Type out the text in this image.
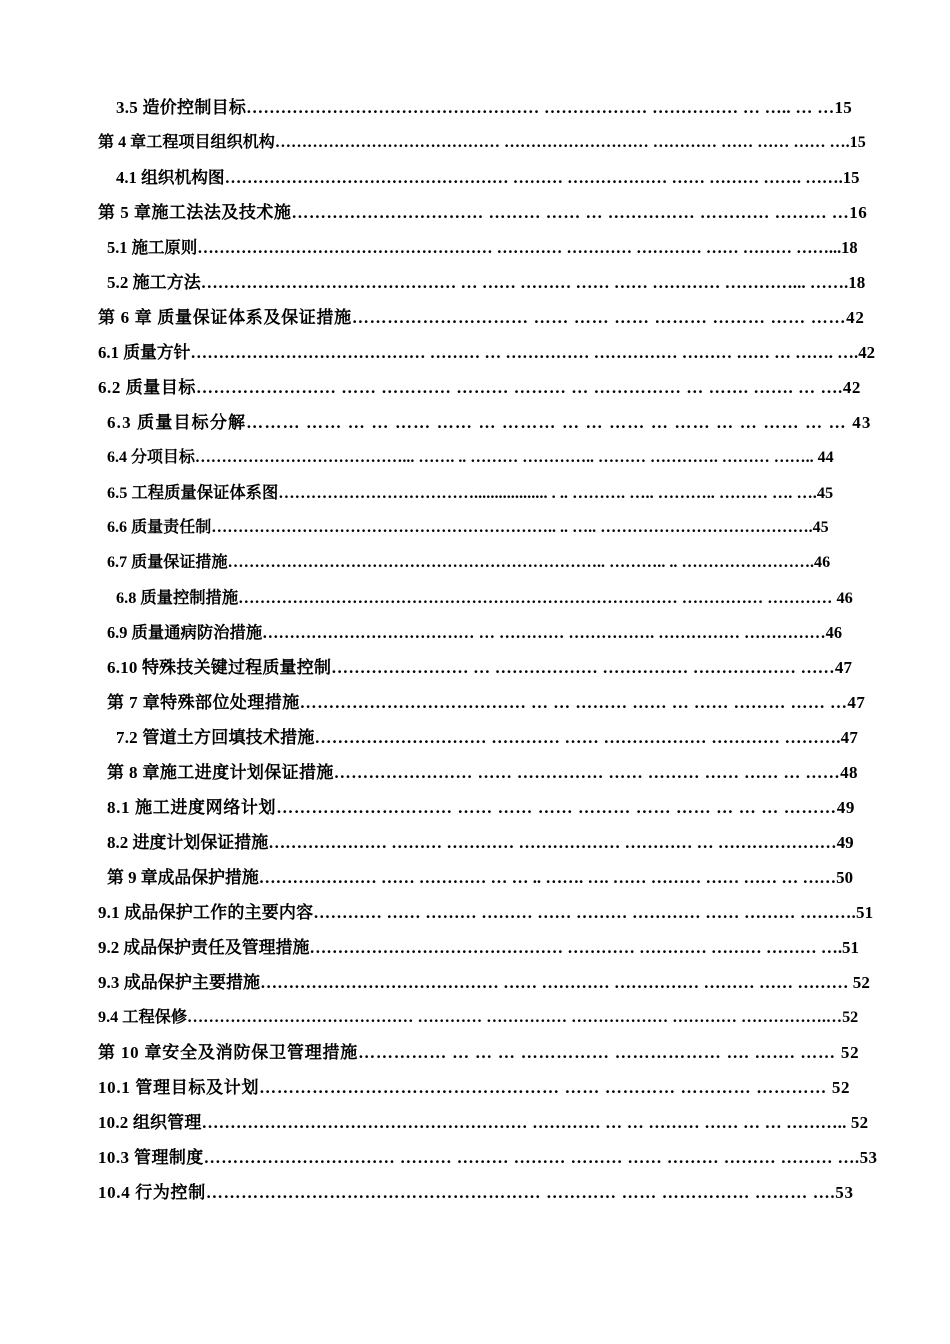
3.5 造价控制目标…………………………………………… ……………… …………… … ….. … …15
第 4 章工程项目组织机构…………………………………… ……………………… ………… …… …… …… ….15
4.1 组织机构图…………………………………………… ……… ……………… …… ……… ……. …….15
第 5 章施工法法及技术施…………………………… ……… …… … …………… ………… ……… …16
5.1 施工原则……………………………………………… ………… ………… ………… …… ……… ……...18
5.2 施工方法……………………………………… … …… ……… …… …… ………… …………... …….18
第 6 章 质量保证体系及保证措施………………………… …… …… …… ……… ……… …… ……42
6.1 质量方针…………………………………… ……… … …………… …………… ……… …… … ……. ….42
6.2 质量目标…………………… …… ………… ……… ……… … …………… … ……. ……. … ….42
6.3 质量目标分解……… …… … … …… …… … ……… … … …… … …… … … …… … … 43
6.4 分项目标…………………………………... ……. .. ……… ………….. ……… …………. ……… …….. 44
6.5 工程质量保证体系图……………………………….................. . .. ………. ….. ……….. ……… …. ….45
6.6 质量责任制……………………………………………………….. .. ….. ………………………………….45
6.7 质量保证措施…………………………………………………………….. ……….. .. …………………….46
6.8 质量控制措施……………………………………………………………………… …………… ………… 46
6.9 质量通病防治措施………………………………… … ………… ……………. …………… ……………46
6.10 特殊技关键过程质量控制…………………… … ……………… …………… ……………… ……47
第 7 章特殊部位处理措施………………………………… … … ……… …… … …… ……… …… …47
7.2 管道土方回填技术措施………………………… ………… …… ……………… ………… ……….47
第 8 章施工进度计划保证措施…………………… …… …………… …… ……… …… …… … ……48
8.1 施工进度网络计划………………………… …… …… …… ……… …… …… … … … ………49
8.2 进度计划保证措施………………… ……… ………… ……………… ………… … …………………49
第 9 章成品保护措施………………… …… ………… … … .. ……. …. …… ……… …… …… … ……50
9.1 成品保护工作的主要内容………… …… ……… ……… …… ……… ………… …… ……… ……….51
9.2 成品保护责任及管理措施……………………………………… ………… ………… ……… ……… ….51
9.3 成品保护主要措施…………………………………… …… ………… …………… ……… …… ……… 52
9.4 工程保修…………………………………… ………… …………… ……………… ………… …………….…52
第 10 章安全及消防保卫管理措施…………… … … … …………… ……………… …. ……. …… 52
10.1 管理目标及计划…………………………………………… …… ………… ………… ………… 52
10.2 组织管理………………………………………………… ………… … … ……… …… … … ……….. 52
10.3 管理制度…………………………… ……… ……… ……… ……… …… ……… ……… ……… ….53
10.4 行为控制………………………………………………… ………… …… …………… ……… ….53
